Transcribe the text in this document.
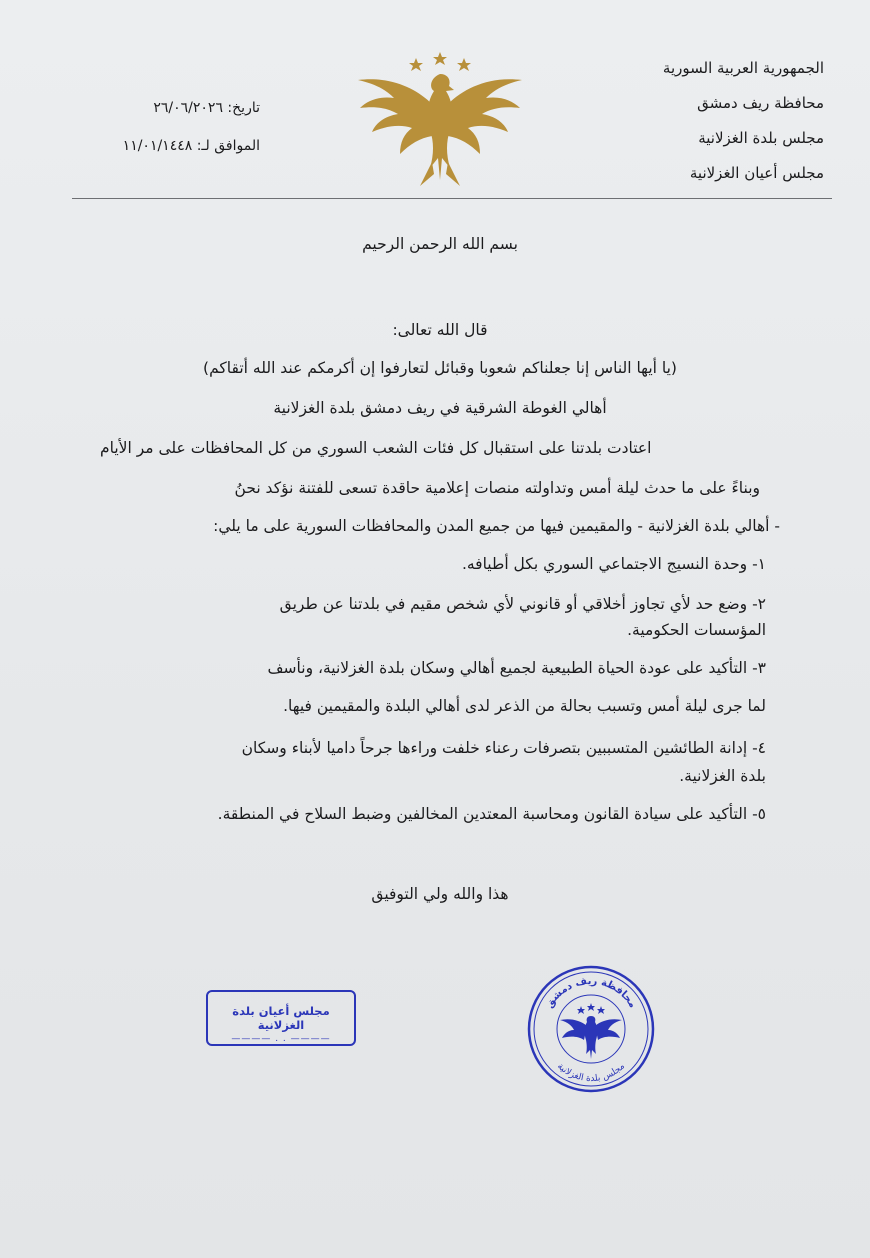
الجمهورية العربية السورية
محافظة ريف دمشق
مجلس بلدة الغزلانية
مجلس أعيان الغزلانية
تاريخ: ٢٦/٠٦/٢٠٢٦
الموافق لـ: ١١/٠١/١٤٤٨
بسم الله الرحمن الرحيم
قال الله تعالى:
(يا أيها الناس إنا جعلناكم شعوبا وقبائل لتعارفوا إن أكرمكم عند الله أتقاكم)
أهالي الغوطة الشرقية في ريف دمشق بلدة الغزلانية
اعتادت بلدتنا على استقبال كل فئات الشعب السوري من كل المحافظات على مر الأيام
وبناءً على ما حدث ليلة أمس وتداولته منصات إعلامية حاقدة تسعى للفتنة نؤكد نحنُ
- أهالي بلدة الغزلانية - والمقيمين فيها من جميع المدن والمحافظات السورية على ما يلي:
١- وحدة النسيج الاجتماعي السوري بكل أطيافه.
٢- وضع حد لأي تجاوز أخلاقي أو قانوني لأي شخص مقيم في بلدتنا عن طريق
المؤسسات الحكومية.
٣- التأكيد على عودة الحياة الطبيعية لجميع أهالي وسكان بلدة الغزلانية، ونأسف
لما جرى ليلة أمس وتسبب بحالة من الذعر لدى أهالي البلدة والمقيمين فيها.
٤- إدانة الطائشين المتسببين بتصرفات رعناء خلفت وراءها جرحاً داميا لأبناء وسكان
بلدة الغزلانية.
٥- التأكيد على سيادة القانون ومحاسبة المعتدين المخالفين وضبط السلاح في المنطقة.
هذا والله ولي التوفيق
مجلس أعيان بلدة الغزلانية
———— . . ————
محافظة ريف دمشق
مجلس بلدة الغزلانية
